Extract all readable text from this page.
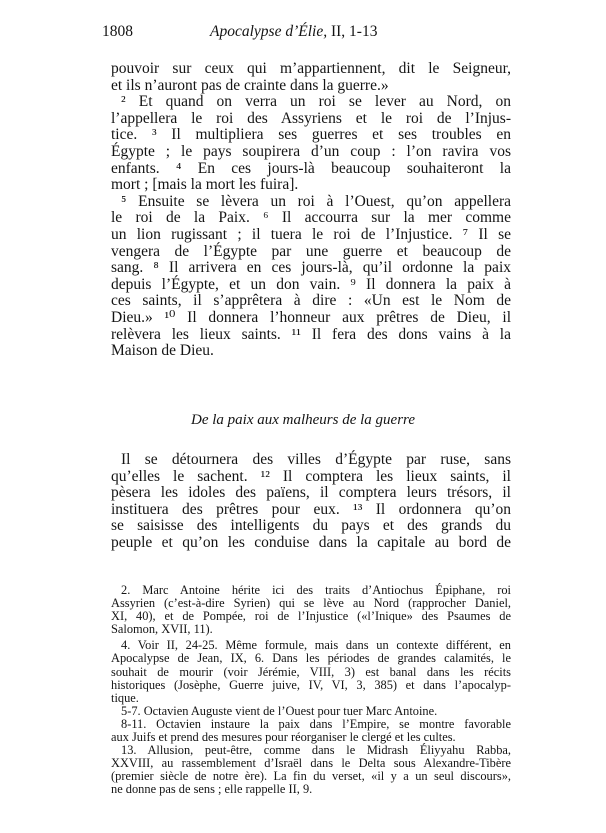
1808	Apocalypse d’Élie, II, 1-13
pouvoir sur ceux qui m’appartiennent, dit le Seigneur,
et ils n’auront pas de crainte dans la guerre.»
² Et quand on verra un roi se lever au Nord, on
l’appellera le roi des Assyriens et le roi de l’Injus-
tice. ³ Il multipliera ses guerres et ses troubles en
Égypte ; le pays soupirera d’un coup : l’on ravira vos
enfants. ⁴ En ces jours-là beaucoup souhaiteront la
mort ; [mais la mort les fuira].
⁵ Ensuite se lèvera un roi à l’Ouest, qu’on appellera
le roi de la Paix. ⁶ Il accourra sur la mer comme
un lion rugissant ; il tuera le roi de l’Injustice. ⁷ Il se
vengera de l’Égypte par une guerre et beaucoup de
sang. ⁸ Il arrivera en ces jours-là, qu’il ordonne la paix
depuis l’Égypte, et un don vain. ⁹ Il donnera la paix à
ces saints, il s’apprêtera à dire : «Un est le Nom de
Dieu.» ¹⁰ Il donnera l’honneur aux prêtres de Dieu, il
relèvera les lieux saints. ¹¹ Il fera des dons vains à la
Maison de Dieu.
De la paix aux malheurs de la guerre
Il se détournera des villes d’Égypte par ruse, sans
qu’elles le sachent. ¹² Il comptera les lieux saints, il
pèsera les idoles des païens, il comptera leurs trésors, il
instituera des prêtres pour eux. ¹³ Il ordonnera qu’on
se saisisse des intelligents du pays et des grands du
peuple et qu’on les conduise dans la capitale au bord de
2. Marc Antoine hérite ici des traits d’Antiochus Épiphane, roi
Assyrien (c’est-à-dire Syrien) qui se lève au Nord (rapprocher Daniel,
XI, 40), et de Pompée, roi de l’Injustice («l’Inique» des Psaumes de
Salomon, XVII, 11).
4. Voir II, 24-25. Même formule, mais dans un contexte différent, en
Apocalypse de Jean, IX, 6. Dans les périodes de grandes calamités, le
souhait de mourir (voir Jérémie, VIII, 3) est banal dans les récits
historiques (Josèphe, Guerre juive, IV, VI, 3, 385) et dans l’apocalyp-
tique.
5-7. Octavien Auguste vient de l’Ouest pour tuer Marc Antoine.
8-11. Octavien instaure la paix dans l’Empire, se montre favorable
aux Juifs et prend des mesures pour réorganiser le clergé et les cultes.
13. Allusion, peut-être, comme dans le Midrash Éliyyahu Rabba,
XXVIII, au rassemblement d’Israël dans le Delta sous Alexandre-Tibère
(premier siècle de notre ère). La fin du verset, «il y a un seul discours»,
ne donne pas de sens ; elle rappelle II, 9.
